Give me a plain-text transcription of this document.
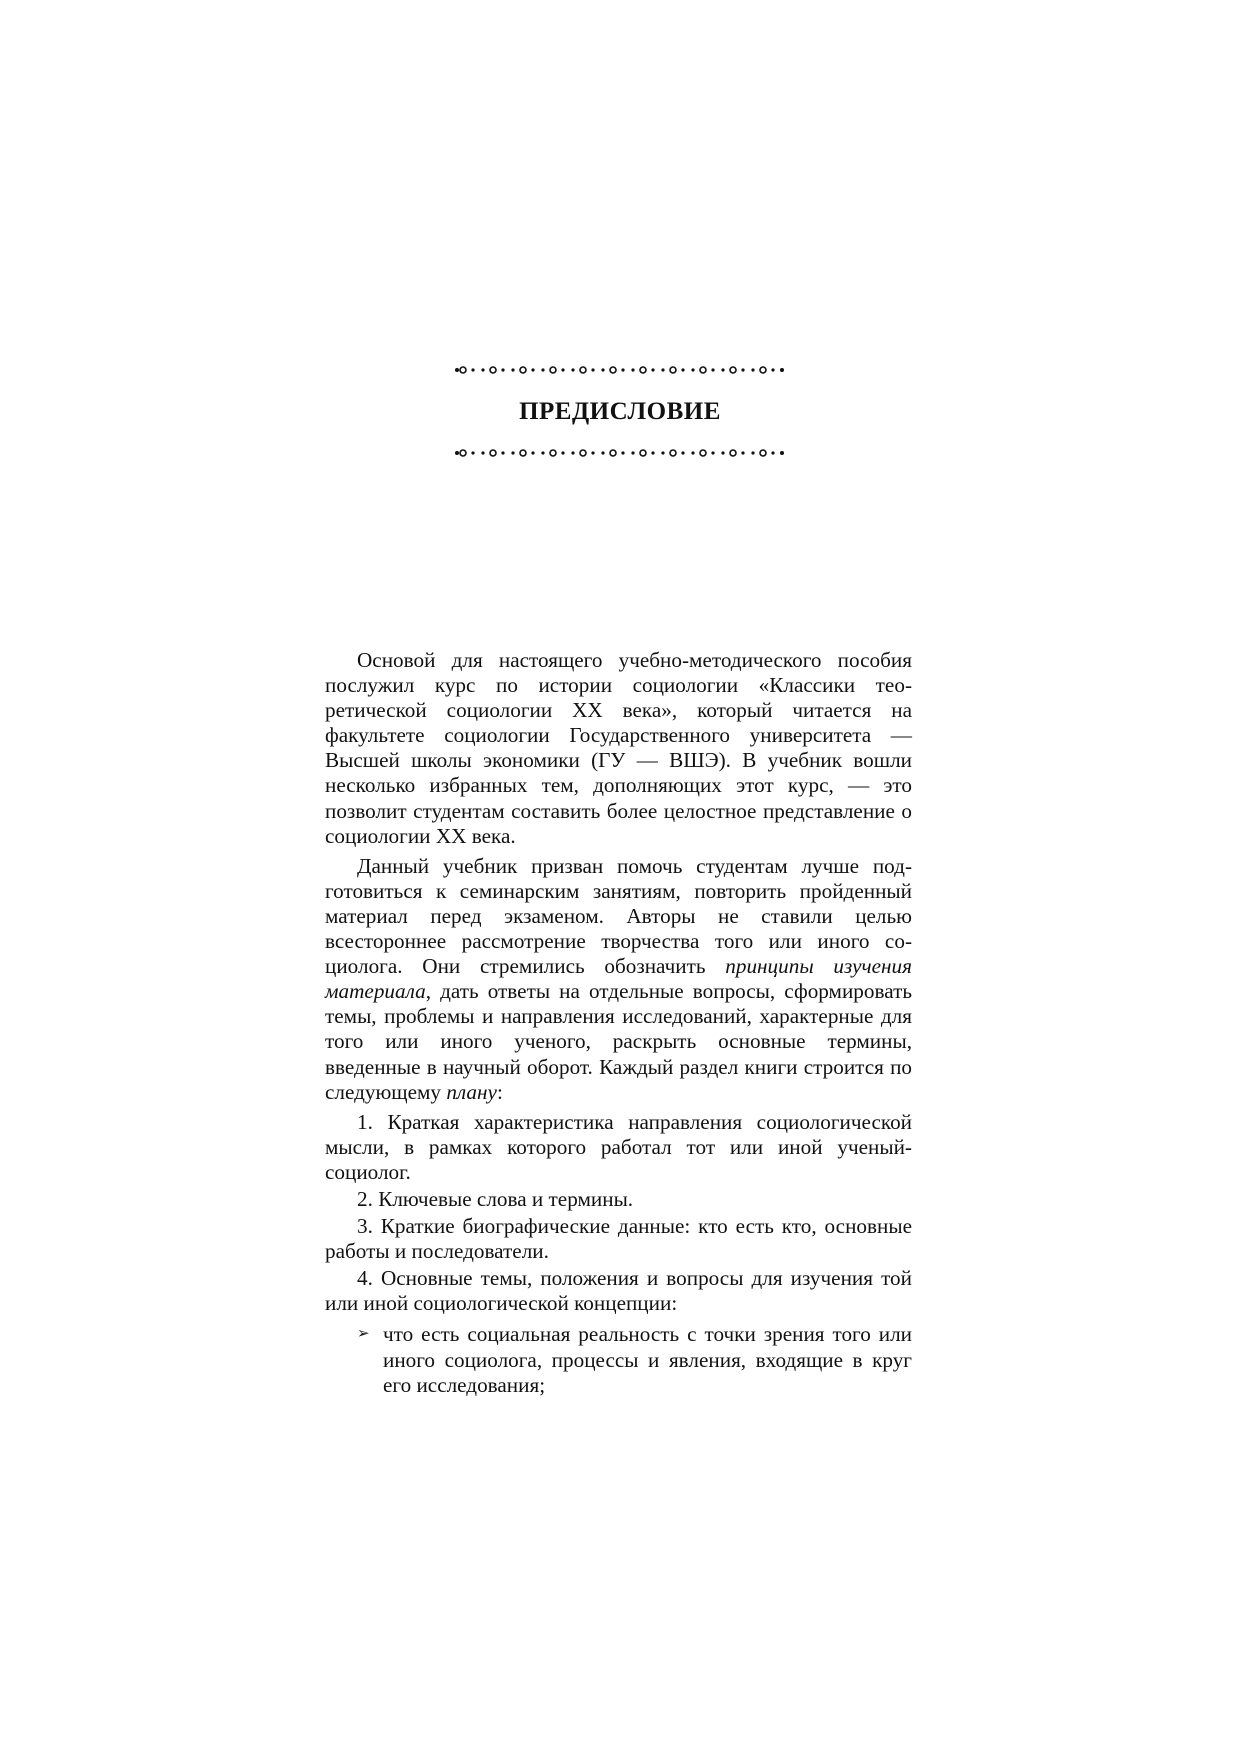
ПРЕДИСЛОВИЕ

Основой для настоящего учебно-методического пособия послужил курс по истории социологии «Классики теоретической социологии XX века», который читается на факультете социологии Государственного университета — Высшей школы экономики (ГУ — ВШЭ). В учебник вошли несколько избранных тем, дополняющих этот курс, — это позволит студентам составить более целостное представление о социологии XX века.

Данный учебник призван помочь студентам лучше подготовиться к семинарским занятиям, повторить пройденный материал перед экзаменом. Авторы не ставили целью всестороннее рассмотрение творчества того или иного социолога. Они стремились обозначить принципы изучения материала, дать ответы на отдельные вопросы, сформировать темы, проблемы и направления исследований, характерные для того или иного ученого, раскрыть основные термины, введенные в научный оборот. Каждый раздел книги строится по следующему плану:

1. Краткая характеристика направления социологической мысли, в рамках которого работал тот или иной ученый-социолог.

2. Ключевые слова и термины.

3. Краткие биографические данные: кто есть кто, основные работы и последователи.

4. Основные темы, положения и вопросы для изучения той или иной социологической концепции:

➢ что есть социальная реальность с точки зрения того или иного социолога, процессы и явления, входящие в круг его исследования;
